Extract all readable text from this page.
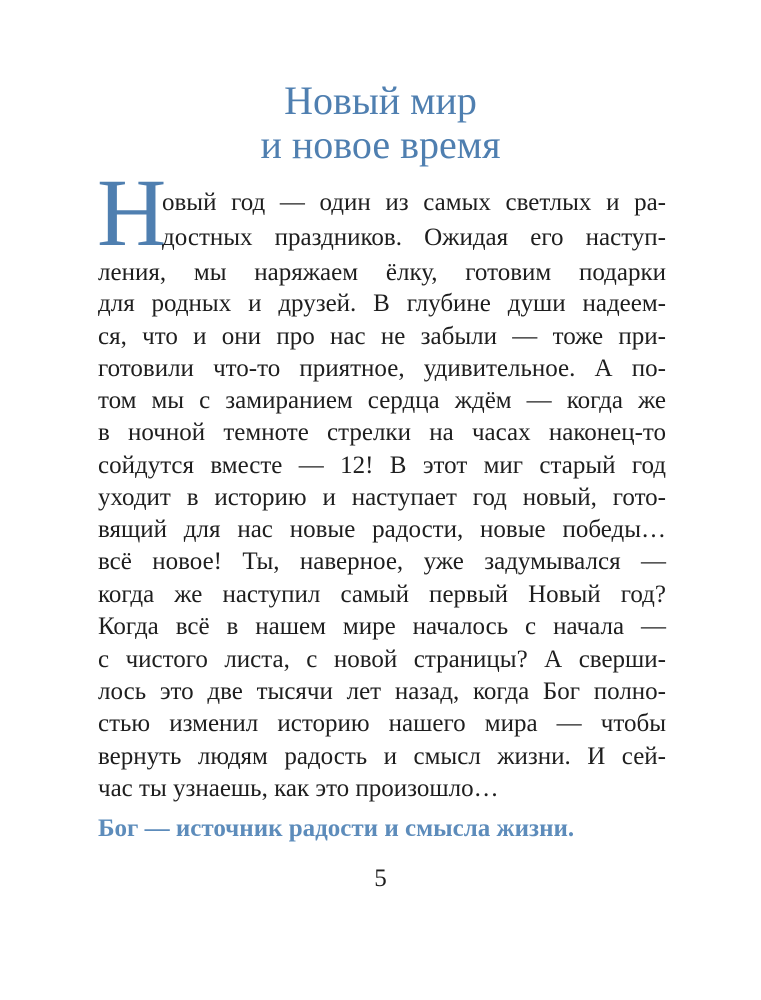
Новый мир
и новое время
Н
овый год — один из самых светлых и ра-
достных праздников. Ожидая его наступ-
ления, мы наряжаем ёлку, готовим подарки
для родных и друзей. В глубине души надеем-
ся, что и они про нас не забыли — тоже при-
готовили что-то приятное, удивительное. А по-
том мы с замиранием сердца ждём — когда же
в ночной темноте стрелки на часах наконец-то
сойдутся вместе — 12! В этот миг старый год
уходит в историю и наступает год новый, гото-
вящий для нас новые радости, новые победы…
всё новое! Ты, наверное, уже задумывался —
когда же наступил самый первый Новый год?
Когда всё в нашем мире началось с начала —
с чистого листа, с новой страницы? А сверши-
лось это две тысячи лет назад, когда Бог полно-
стью изменил историю нашего мира — чтобы
вернуть людям радость и смысл жизни. И сей-
час ты узнаешь, как это произошло…
Бог — источник радости и смысла жизни.
5
